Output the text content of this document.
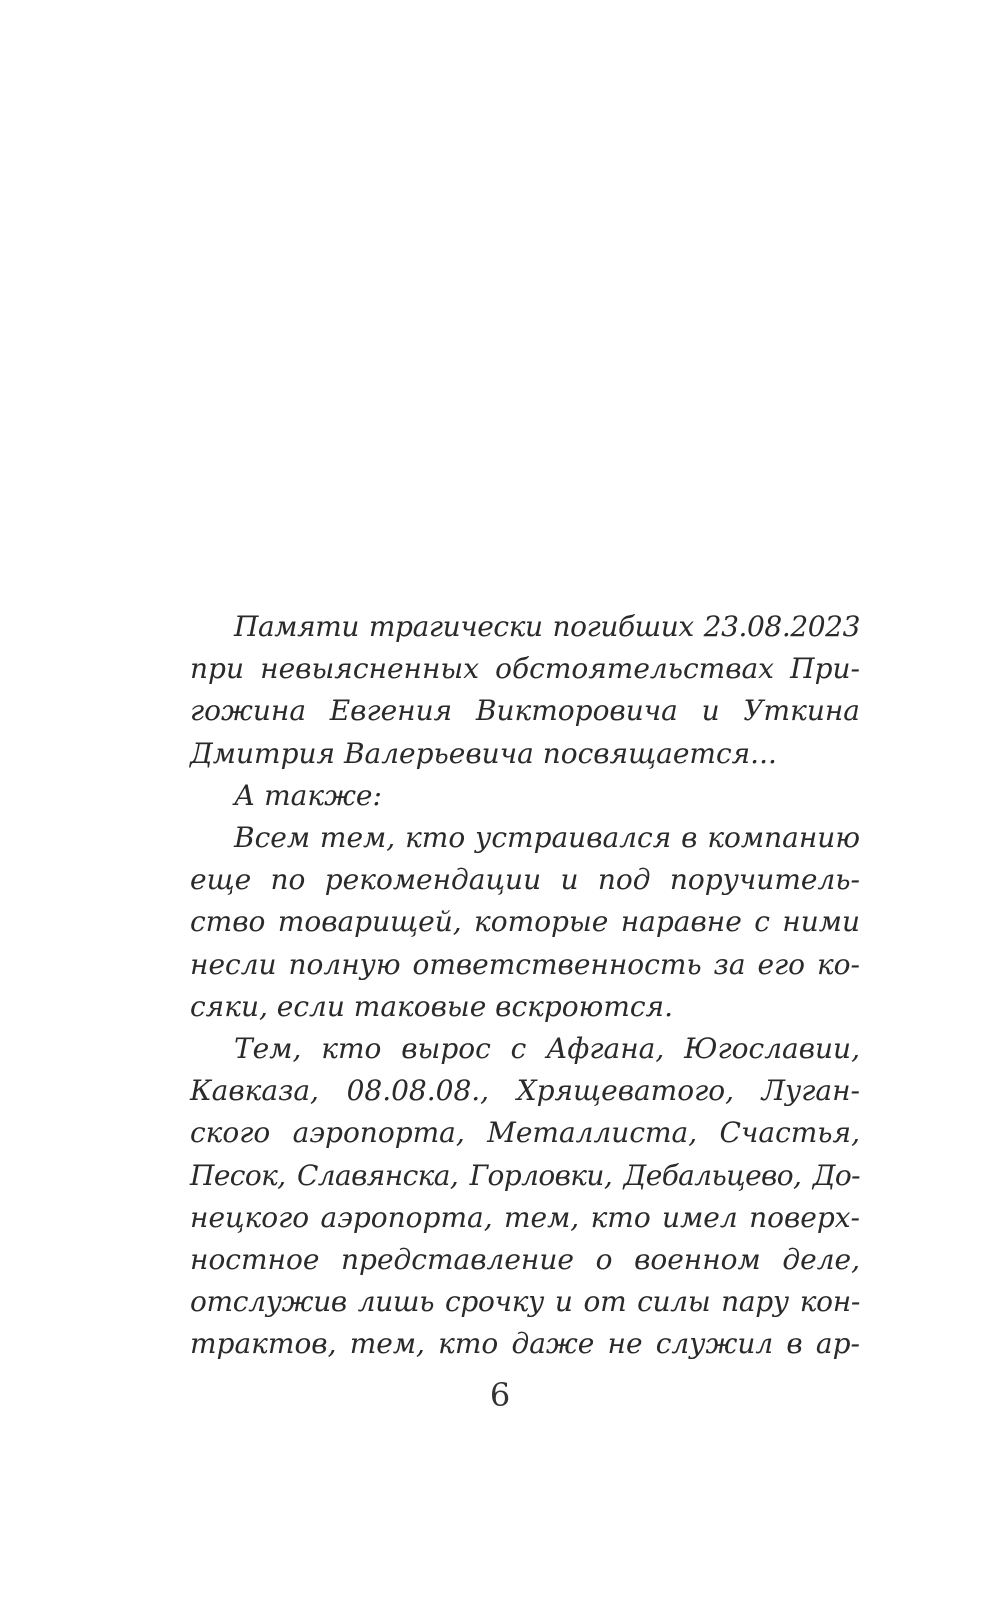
Памяти трагически погибших 23.08.2023
при невыясненных обстоятельствах При-
гожина Евгения Викторовича и Уткина
Дмитрия Валерьевича посвящается...
А также:
Всем тем, кто устраивался в компанию
еще по рекомендации и под поручитель-
ство товарищей, которые наравне с ними
несли полную ответственность за его ко-
сяки, если таковые вскроются.
Тем, кто вырос с Афгана, Югославии,
Кавказа, 08.08.08., Хрящеватого, Луган-
ского аэропорта, Металлиста, Счастья,
Песок, Славянска, Горловки, Дебальцево, До-
нецкого аэропорта, тем, кто имел поверх-
ностное представление о военном деле,
отслужив лишь срочку и от силы пару кон-
трактов, тем, кто даже не служил в ар-
6
